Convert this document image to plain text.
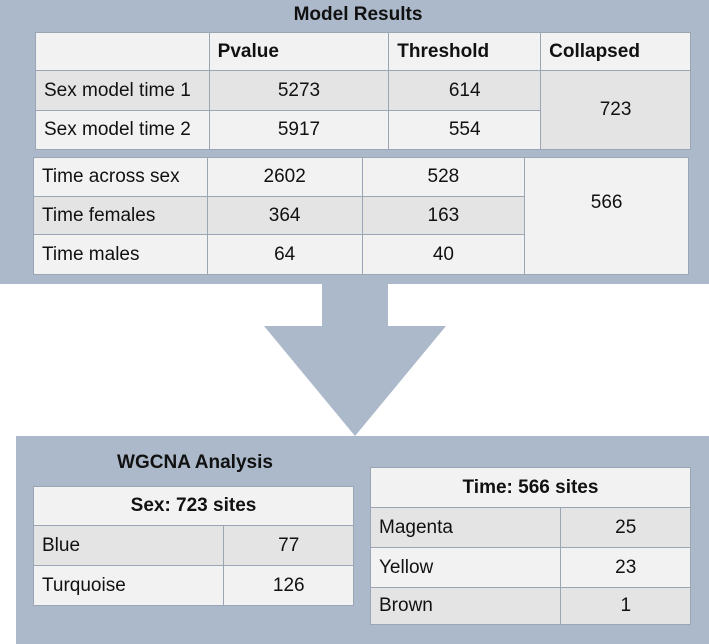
Model Results
	Pvalue	Threshold	Collapsed
Sex model time 1	5273	614	723
Sex model time 2	5917	554	
Time across sex	2602	528	566
Time females	364	163	
Time males	64	40	
WGCNA Analysis
Sex: 723 sites	
Blue	77
Turquoise	126
Time: 566 sites	
Magenta	25
Yellow	23
Brown	1
